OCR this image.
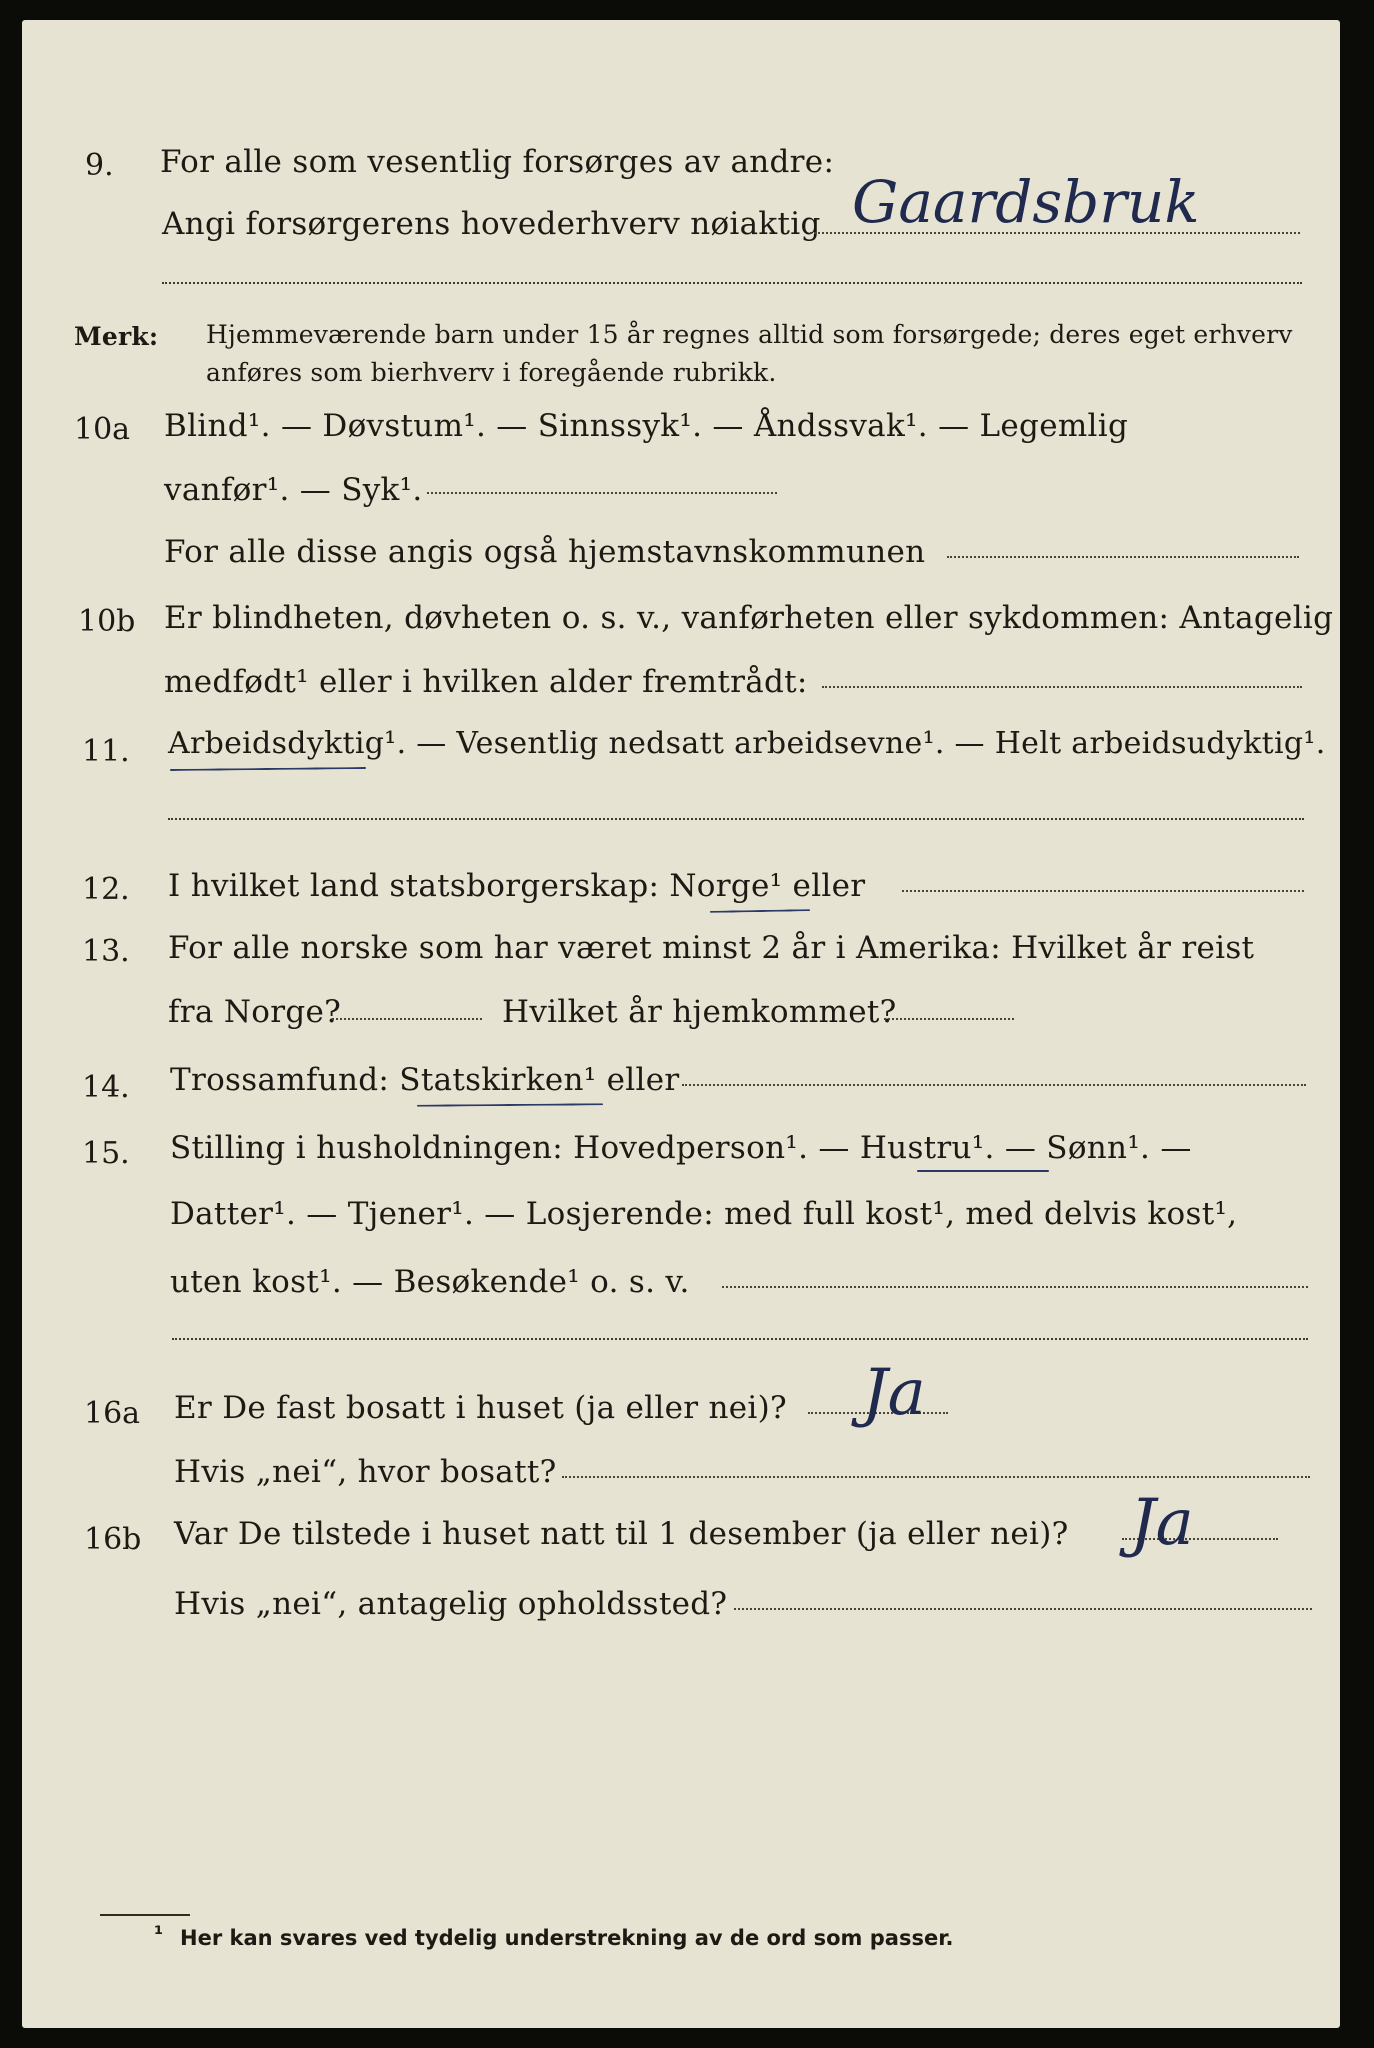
9. For alle som vesentlig forsørges av andre:
Angi forsørgerens hovederhverv nøiaktig Gaardsbruk
Merk: Hjemmeværende barn under 15 år regnes alltid som forsørgede; deres eget erhverv
anføres som bierhverv i foregående rubrikk.
10a Blind¹. — Døvstum¹. — Sinnssyk¹. — Åndssvak¹. — Legemlig
vanfør¹. — Syk¹.
For alle disse angis også hjemstavnskommunen
10b Er blindheten, døvheten o. s. v., vanførheten eller sykdommen: Antagelig
medfødt¹ eller i hvilken alder fremtrådt:
11. Arbeidsdyktig¹. — Vesentlig nedsatt arbeidsevne¹. — Helt arbeidsudyktig¹.
12. I hvilket land statsborgerskap: Norge¹ eller
13. For alle norske som har været minst 2 år i Amerika: Hvilket år reist
fra Norge?	Hvilket år hjemkommet?
14. Trossamfund: Statskirken¹ eller
15. Stilling i husholdningen: Hovedperson¹. — Hustru¹. — Sønn¹. —
Datter¹. — Tjener¹. — Losjerende: med full kost¹, med delvis kost¹,
uten kost¹. — Besøkende¹ o. s. v.
16a Er De fast bosatt i huset (ja eller nei)? Ja
Hvis „nei“, hvor bosatt?
16b Var De tilstede i huset natt til 1 desember (ja eller nei)? Ja
Hvis „nei“, antagelig opholdssted?
¹ Her kan svares ved tydelig understrekning av de ord som passer.
